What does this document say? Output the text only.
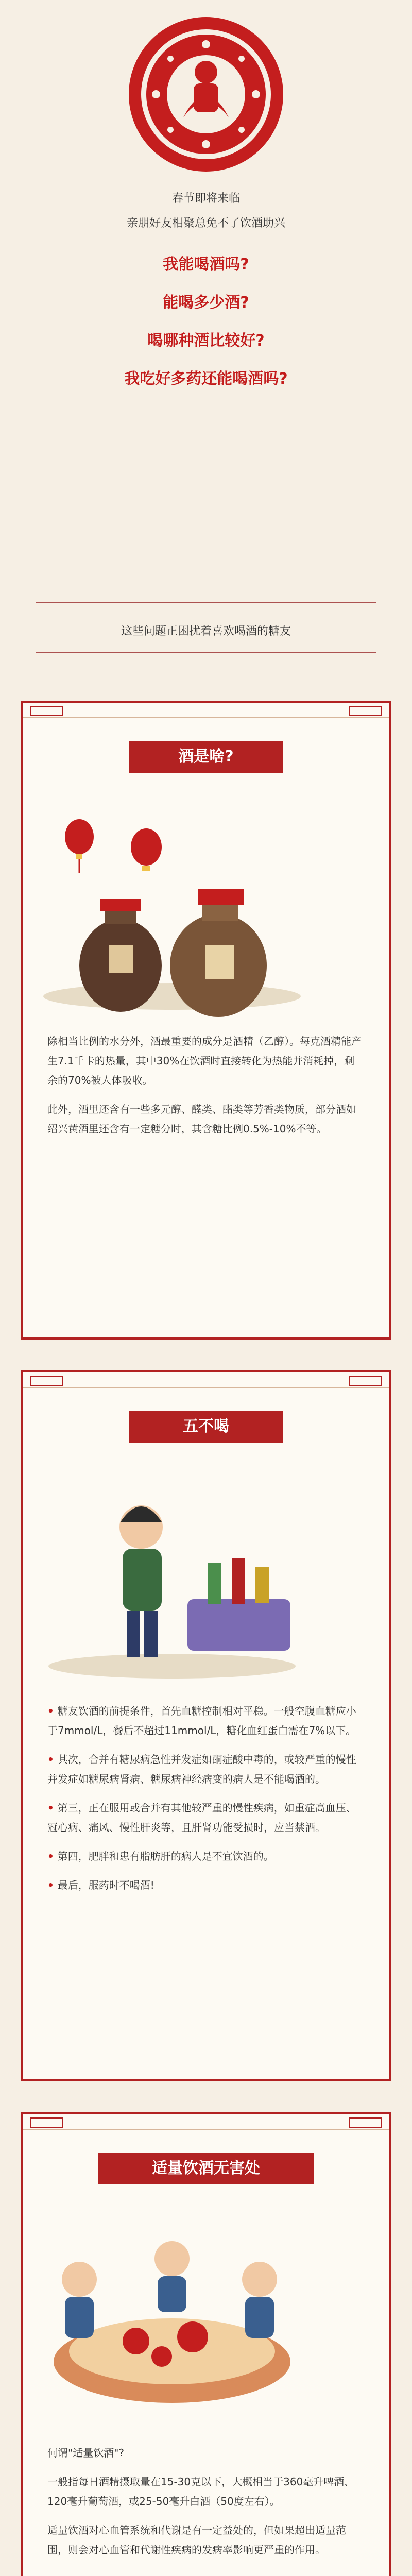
春节即将来临
亲朋好友相聚总免不了饮酒助兴
我能喝酒吗?
能喝多少酒?
喝哪种酒比较好?
我吃好多药还能喝酒吗?
这些问题正困扰着喜欢喝酒的糖友
酒是啥?

除相当比例的水分外，酒最重要的成分是酒精（乙醇）。每克酒精能产生7.1千卡的热量，其中30%在饮酒时直接转化为热能并消耗掉，剩余的70%被人体吸收。

此外，酒里还含有一些多元醇、醛类、酯类等芳香类物质，部分酒如绍兴黄酒里还含有一定糖分时，其含糖比例0.5%-10%不等。

五不喝
• 糖友饮酒的前提条件，首先血糖控制相对平稳。一般空腹血糖应小于7mmol/L，餐后不超过11mmol/L，糖化血红蛋白需在7%以下。
• 其次，合并有糖尿病急性并发症如酮症酸中毒的，或较严重的慢性并发症如糖尿病肾病、糖尿病神经病变的病人是不能喝酒的。
• 第三，正在服用或合并有其他较严重的慢性疾病，如重症高血压、冠心病、痛风、慢性肝炎等，且肝肾功能受损时，应当禁酒。
• 第四，肥胖和患有脂肪肝的病人是不宜饮酒的。
• 最后，服药时不喝酒!
适量饮酒无害处

何谓"适量饮酒"?

一般指每日酒精摄取量在15-30克以下，大概相当于360毫升啤酒、120毫升葡萄酒，或25-50毫升白酒（50度左右）。

适量饮酒对心血管系统和代谢是有一定益处的，但如果超出适量范围，则会对心血管和代谢性疾病的发病率影响更严重的作用。
